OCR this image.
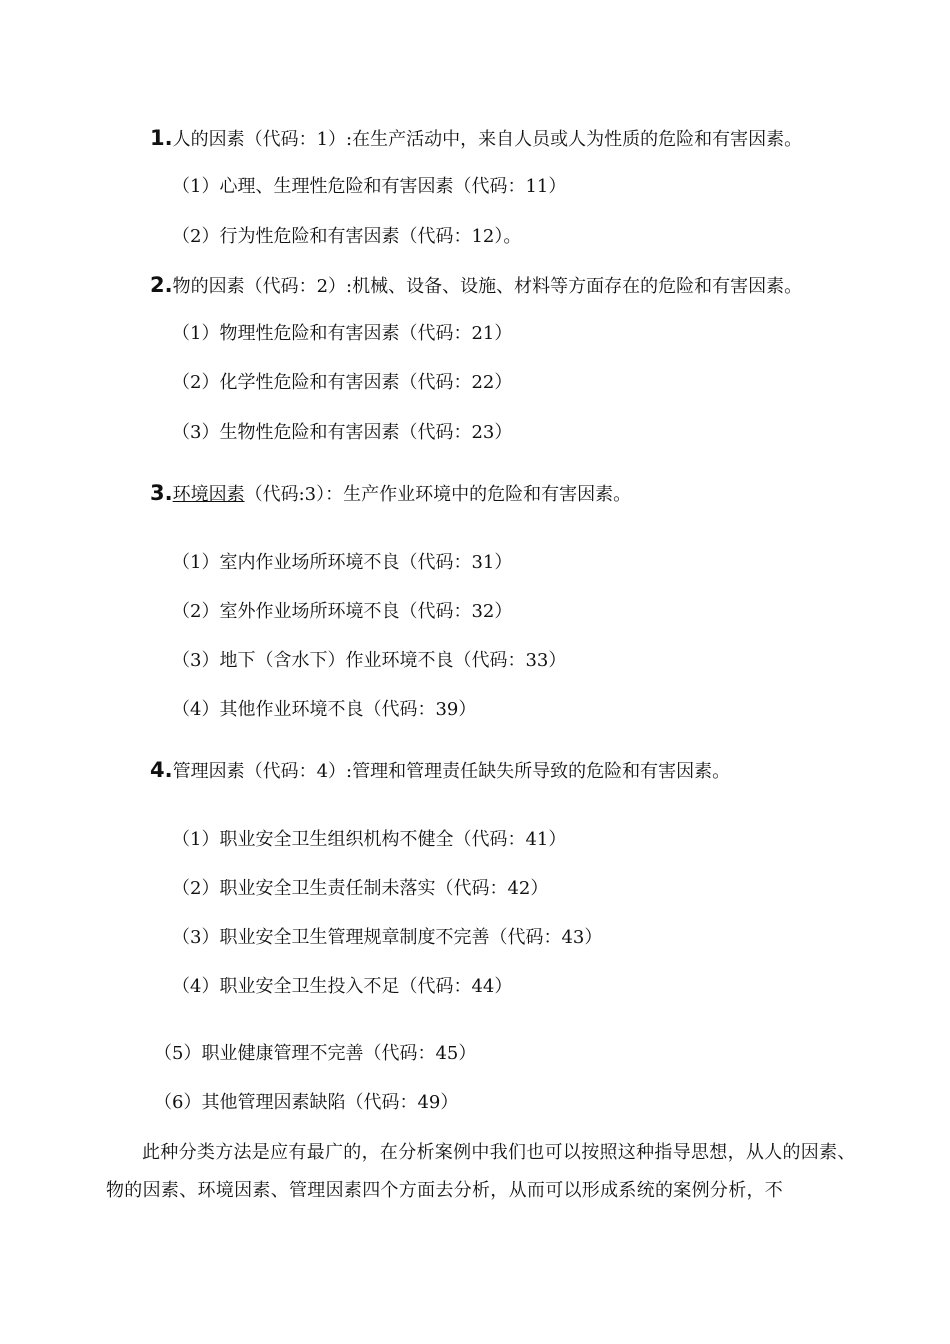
1.人的因素（代码：1）:在生产活动中，来自人员或人为性质的危险和有害因素。
（1）心理、生理性危险和有害因素（代码：11）
（2）行为性危险和有害因素（代码：12）。
2.物的因素（代码：2）:机械、设备、设施、材料等方面存在的危险和有害因素。
（1）物理性危险和有害因素（代码：21）
（2）化学性危险和有害因素（代码：22）
（3）生物性危险和有害因素（代码：23）
3.环境因素（代码:3）：生产作业环境中的危险和有害因素。
（1）室内作业场所环境不良（代码：31）
（2）室外作业场所环境不良（代码：32）
（3）地下（含水下）作业环境不良（代码：33）
（4）其他作业环境不良（代码：39）
4.管理因素（代码：4）:管理和管理责任缺失所导致的危险和有害因素。
（1）职业安全卫生组织机构不健全（代码：41）
（2）职业安全卫生责任制未落实（代码：42）
（3）职业安全卫生管理规章制度不完善（代码：43）
（4）职业安全卫生投入不足（代码：44）
（5）职业健康管理不完善（代码：45）
（6）其他管理因素缺陷（代码：49）
此种分类方法是应有最广的，在分析案例中我们也可以按照这种指导思想，从人的因素、物的因素、环境因素、管理因素四个方面去分析，从而可以形成系统的案例分析，不
